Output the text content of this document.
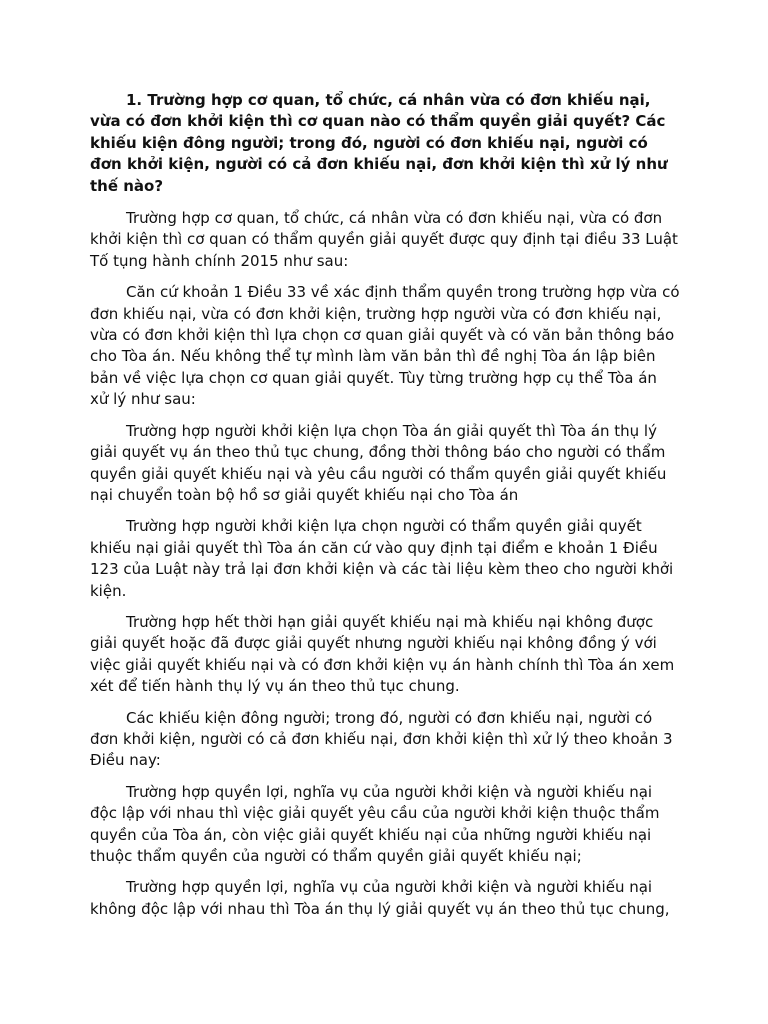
1. Trường hợp cơ quan, tổ chức, cá nhân vừa có đơn khiếu nại, vừa có đơn khởi kiện thì cơ quan nào có thẩm quyền giải quyết? Các khiếu kiện đông người; trong đó, người có đơn khiếu nại, người có đơn khởi kiện, người có cả đơn khiếu nại, đơn khởi kiện thì xử lý như thế nào?

Trường hợp cơ quan, tổ chức, cá nhân vừa có đơn khiếu nại, vừa có đơn khởi kiện thì cơ quan có thẩm quyền giải quyết được quy định tại điều 33 Luật Tố tụng hành chính 2015 như sau:

Căn cứ khoản 1 Điều 33 về xác định thẩm quyền trong trường hợp vừa có đơn khiếu nại, vừa có đơn khởi kiện, trường hợp người vừa có đơn khiếu nại, vừa có đơn khởi kiện thì lựa chọn cơ quan giải quyết và có văn bản thông báo cho Tòa án. Nếu không thể tự mình làm văn bản thì đề nghị Tòa án lập biên bản về việc lựa chọn cơ quan giải quyết. Tùy từng trường hợp cụ thể Tòa án xử lý như sau:

Trường hợp người khởi kiện lựa chọn Tòa án giải quyết thì Tòa án thụ lý giải quyết vụ án theo thủ tục chung, đồng thời thông báo cho người có thẩm quyền giải quyết khiếu nại và yêu cầu người có thẩm quyền giải quyết khiếu nại chuyển toàn bộ hồ sơ giải quyết khiếu nại cho Tòa án

Trường hợp người khởi kiện lựa chọn người có thẩm quyền giải quyết khiếu nại giải quyết thì Tòa án căn cứ vào quy định tại điểm e khoản 1 Điều 123 của Luật này trả lại đơn khởi kiện và các tài liệu kèm theo cho người khởi kiện.

Trường hợp hết thời hạn giải quyết khiếu nại mà khiếu nại không được giải quyết hoặc đã được giải quyết nhưng người khiếu nại không đồng ý với việc giải quyết khiếu nại và có đơn khởi kiện vụ án hành chính thì Tòa án xem xét để tiến hành thụ lý vụ án theo thủ tục chung.

Các khiếu kiện đông người; trong đó, người có đơn khiếu nại, người có đơn khởi kiện, người có cả đơn khiếu nại, đơn khởi kiện thì xử lý theo khoản 3 Điều nay:

Trường hợp quyền lợi, nghĩa vụ của người khởi kiện và người khiếu nại độc lập với nhau thì việc giải quyết yêu cầu của người khởi kiện thuộc thẩm quyền của Tòa án, còn việc giải quyết khiếu nại của những người khiếu nại thuộc thẩm quyền của người có thẩm quyền giải quyết khiếu nại;

Trường hợp quyền lợi, nghĩa vụ của người khởi kiện và người khiếu nại không độc lập với nhau thì Tòa án thụ lý giải quyết vụ án theo thủ tục chung,
